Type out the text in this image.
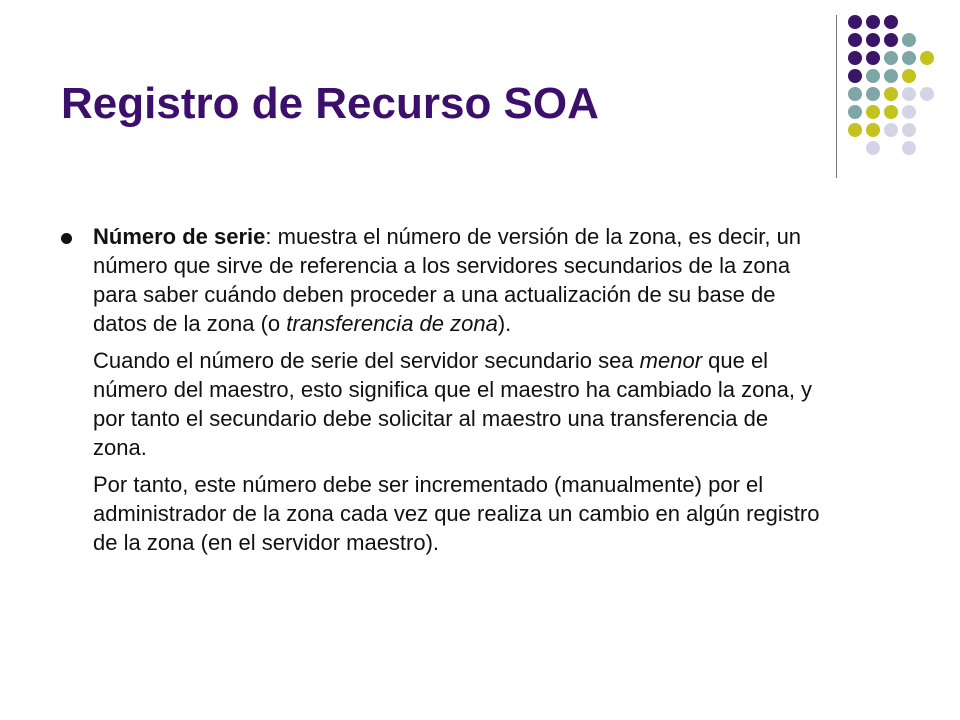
Registro de Recurso SOA

Número de serie: muestra el número de versión de la zona, es decir, un número que sirve de referencia a los servidores secundarios de la zona para saber cuándo deben proceder a una actualización de su base de datos de la zona (o transferencia de zona).

Cuando el número de serie del servidor secundario sea menor que el número del maestro, esto significa que el maestro ha cambiado la zona, y por tanto el secundario debe solicitar al maestro una transferencia de zona.

Por tanto, este número debe ser incrementado (manualmente) por el administrador de la zona cada vez que realiza un cambio en algún registro de la zona (en el servidor maestro).
